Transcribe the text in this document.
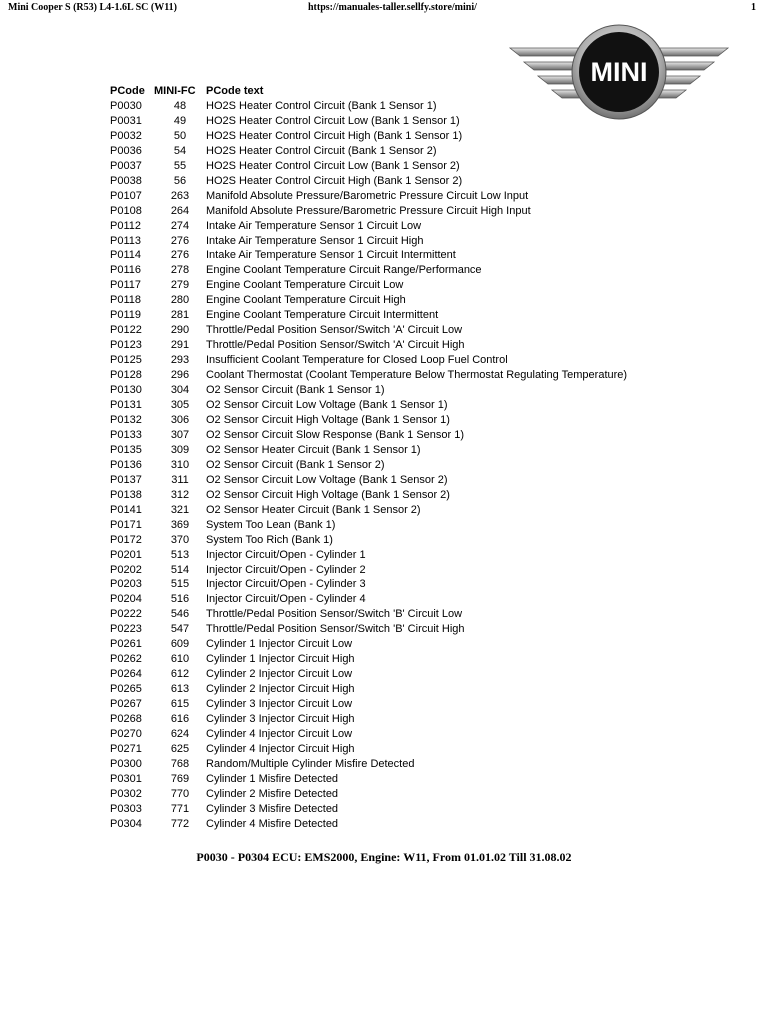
Mini Cooper S (R53) L4-1.6L SC (W11)	https://manuales-taller.sellfy.store/mini/	1
MINI
PCode	MINI-FC	PCode text
P0030	48	HO2S Heater Control Circuit (Bank 1 Sensor 1)
P0031	49	HO2S Heater Control Circuit Low (Bank 1 Sensor 1)
P0032	50	HO2S Heater Control Circuit High (Bank 1 Sensor 1)
P0036	54	HO2S Heater Control Circuit (Bank 1 Sensor 2)
P0037	55	HO2S Heater Control Circuit Low (Bank 1 Sensor 2)
P0038	56	HO2S Heater Control Circuit High (Bank 1 Sensor 2)
P0107	263	Manifold Absolute Pressure/Barometric Pressure Circuit Low Input
P0108	264	Manifold Absolute Pressure/Barometric Pressure Circuit High Input
P0112	274	Intake Air Temperature Sensor 1 Circuit Low
P0113	276	Intake Air Temperature Sensor 1 Circuit High
P0114	276	Intake Air Temperature Sensor 1 Circuit Intermittent
P0116	278	Engine Coolant Temperature Circuit Range/Performance
P0117	279	Engine Coolant Temperature Circuit Low
P0118	280	Engine Coolant Temperature Circuit High
P0119	281	Engine Coolant Temperature Circuit Intermittent
P0122	290	Throttle/Pedal Position Sensor/Switch 'A' Circuit Low
P0123	291	Throttle/Pedal Position Sensor/Switch 'A' Circuit High
P0125	293	Insufficient Coolant Temperature for Closed Loop Fuel Control
P0128	296	Coolant Thermostat (Coolant Temperature Below Thermostat Regulating Temperature)
P0130	304	O2 Sensor Circuit (Bank 1 Sensor 1)
P0131	305	O2 Sensor Circuit Low Voltage (Bank 1 Sensor 1)
P0132	306	O2 Sensor Circuit High Voltage (Bank 1 Sensor 1)
P0133	307	O2 Sensor Circuit Slow Response (Bank 1 Sensor 1)
P0135	309	O2 Sensor Heater Circuit (Bank 1 Sensor 1)
P0136	310	O2 Sensor Circuit (Bank 1 Sensor 2)
P0137	311	O2 Sensor Circuit Low Voltage (Bank 1 Sensor 2)
P0138	312	O2 Sensor Circuit High Voltage (Bank 1 Sensor 2)
P0141	321	O2 Sensor Heater Circuit (Bank 1 Sensor 2)
P0171	369	System Too Lean (Bank 1)
P0172	370	System Too Rich (Bank 1)
P0201	513	Injector Circuit/Open - Cylinder 1
P0202	514	Injector Circuit/Open - Cylinder 2
P0203	515	Injector Circuit/Open - Cylinder 3
P0204	516	Injector Circuit/Open - Cylinder 4
P0222	546	Throttle/Pedal Position Sensor/Switch 'B' Circuit Low
P0223	547	Throttle/Pedal Position Sensor/Switch 'B' Circuit High
P0261	609	Cylinder 1 Injector Circuit Low
P0262	610	Cylinder 1 Injector Circuit High
P0264	612	Cylinder 2 Injector Circuit Low
P0265	613	Cylinder 2 Injector Circuit High
P0267	615	Cylinder 3 Injector Circuit Low
P0268	616	Cylinder 3 Injector Circuit High
P0270	624	Cylinder 4 Injector Circuit Low
P0271	625	Cylinder 4 Injector Circuit High
P0300	768	Random/Multiple Cylinder Misfire Detected
P0301	769	Cylinder 1 Misfire Detected
P0302	770	Cylinder 2 Misfire Detected
P0303	771	Cylinder 3 Misfire Detected
P0304	772	Cylinder 4 Misfire Detected
P0030 - P0304 ECU: EMS2000, Engine: W11, From 01.01.02 Till 31.08.02
